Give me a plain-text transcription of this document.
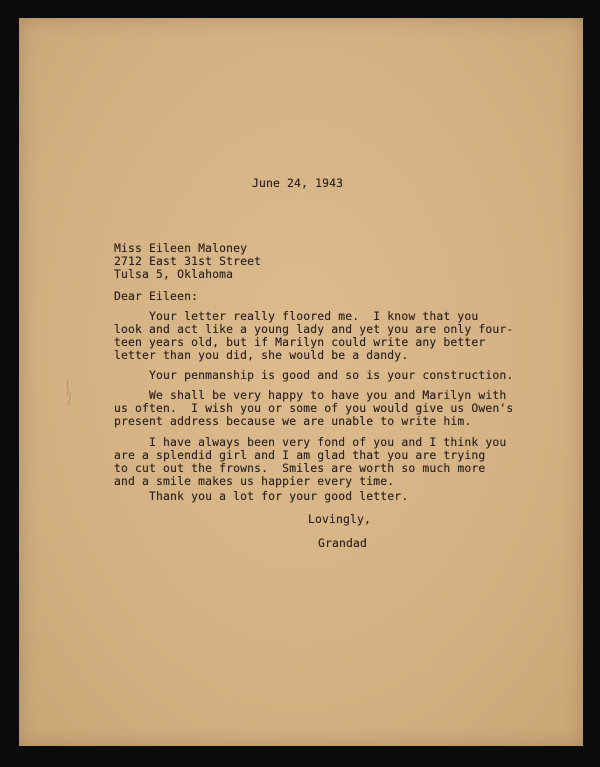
June 24, 1943

Miss Eileen Maloney
2712 East 31st Street
Tulsa 5, Oklahoma

Dear Eileen:

Your letter really floored me.  I know that you
look and act like a young lady and yet you are only four-
teen years old, but if Marilyn could write any better
letter than you did, she would be a dandy.

Your penmanship is good and so is your construction.

We shall be very happy to have you and Marilyn with
us often.  I wish you or some of you would give us Owen's
present address because we are unable to write him.

I have always been very fond of you and I think you
are a splendid girl and I am glad that you are trying
to cut out the frowns.  Smiles are worth so much more
and a smile makes us happier every time.

Thank you a lot for your good letter.

Lovingly,

Grandad
